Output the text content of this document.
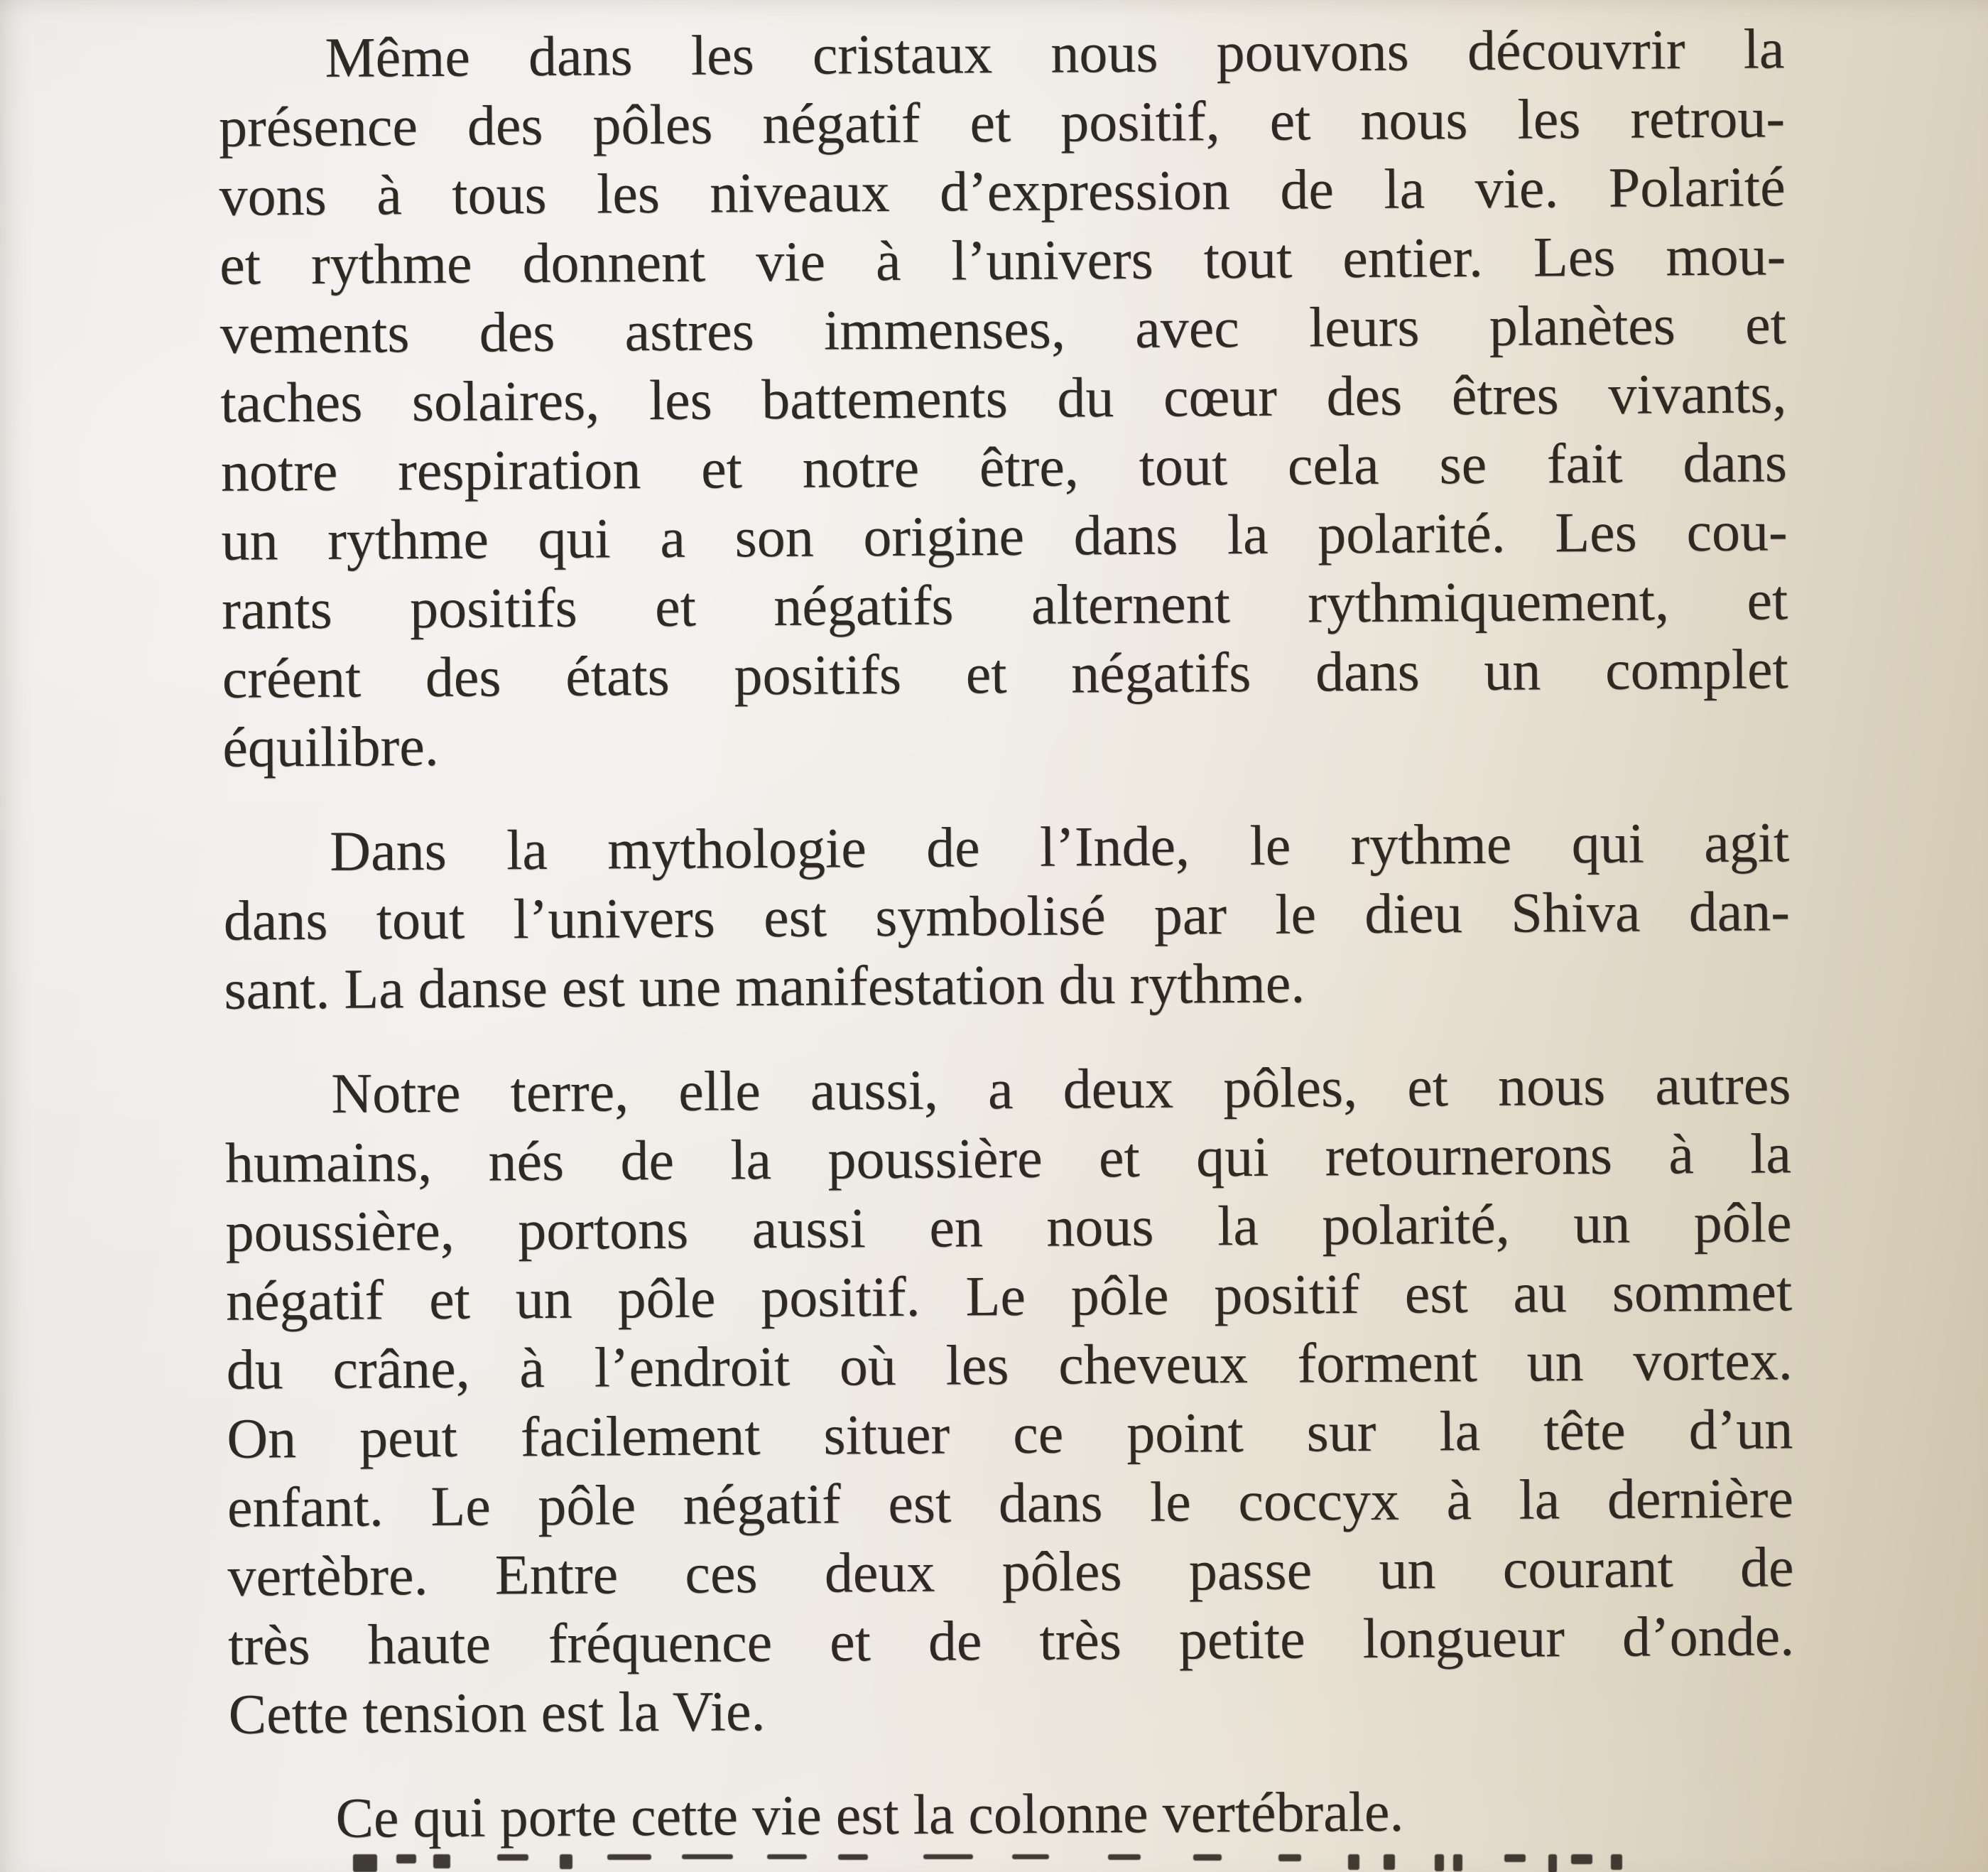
Même dans les cristaux nous pouvons découvrir la
présence des pôles négatif et positif, et nous les retrou-
vons à tous les niveaux d’expression de la vie. Polarité
et rythme donnent vie à l’univers tout entier. Les mou-
vements des astres immenses, avec leurs planètes et
taches solaires, les battements du cœur des êtres vivants,
notre respiration et notre être, tout cela se fait dans
un rythme qui a son origine dans la polarité. Les cou-
rants positifs et négatifs alternent rythmiquement, et
créent des états positifs et négatifs dans un complet
équilibre.
Dans la mythologie de l’Inde, le rythme qui agit
dans tout l’univers est symbolisé par le dieu Shiva dan-
sant. La danse est une manifestation du rythme.
Notre terre, elle aussi, a deux pôles, et nous autres
humains, nés de la poussière et qui retournerons à la
poussière, portons aussi en nous la polarité, un pôle
négatif et un pôle positif. Le pôle positif est au sommet
du crâne, à l’endroit où les cheveux forment un vortex.
On peut facilement situer ce point sur la tête d’un
enfant. Le pôle négatif est dans le coccyx à la dernière
vertèbre. Entre ces deux pôles passe un courant de
très haute fréquence et de très petite longueur d’onde.
Cette tension est la Vie.
Ce qui porte cette vie est la colonne vertébrale.
